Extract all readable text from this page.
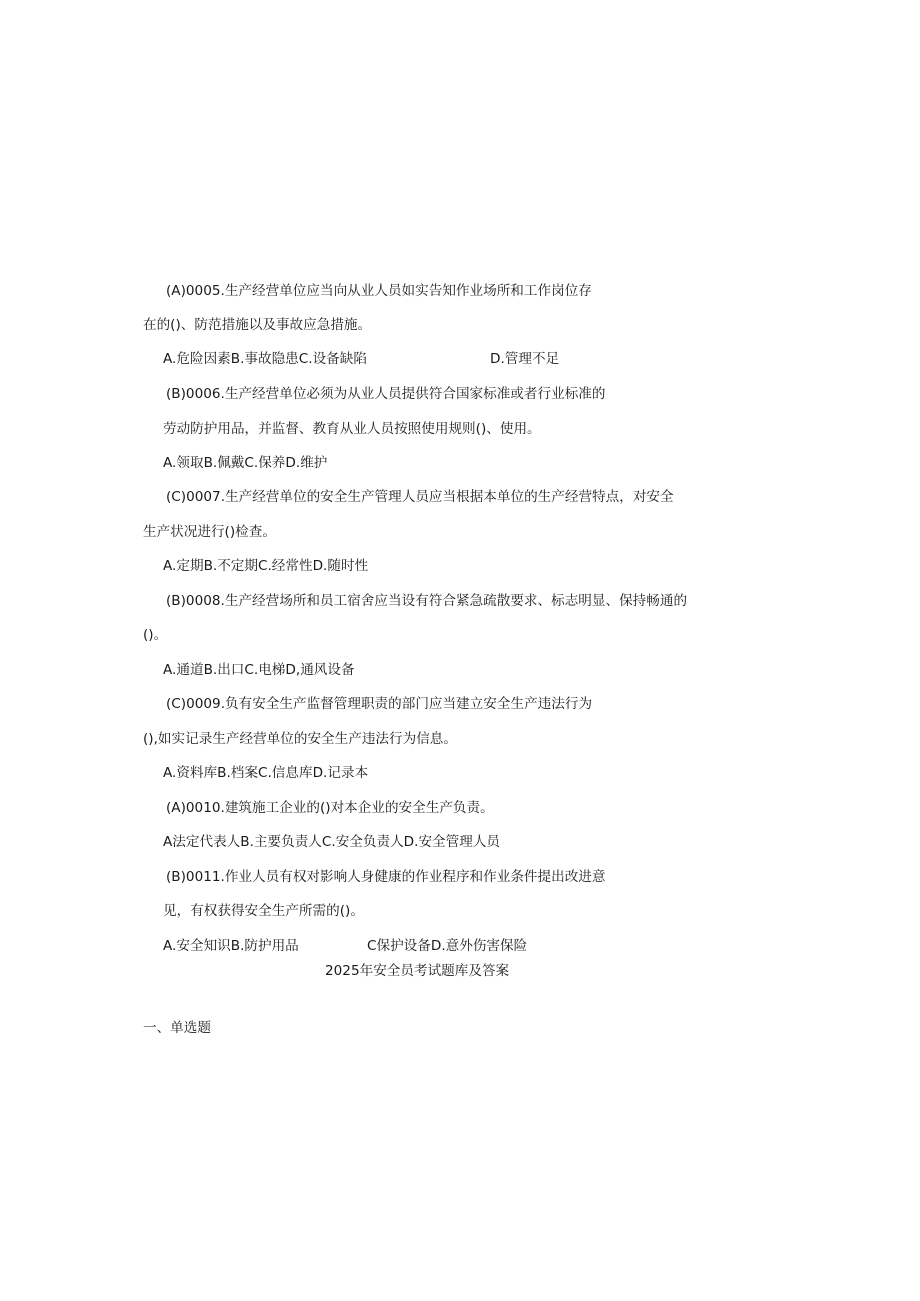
(A)0005.生产经营单位应当向从业人员如实告知作业场所和工作岗位存
在的()、防范措施以及事故应急措施。
A.危险因素B.事故隐患C.设备缺陷	D.管理不足
(B)0006.生产经营单位必须为从业人员提供符合国家标准或者行业标准的
劳动防护用品，并监督、教育从业人员按照使用规则()、使用。
A.领取B.佩戴C.保养D.维护
(C)0007.生产经营单位的安全生产管理人员应当根据本单位的生产经营特点，对安全
生产状况进行()检查。
A.定期B.不定期C.经常性D.随时性
(B)0008.生产经营场所和员工宿舍应当设有符合紧急疏散要求、标志明显、保持畅通的
()。
A.通道B.出口C.电梯D,通风设备
(C)0009.负有安全生产监督管理职责的部门应当建立安全生产违法行为
(),如实记录生产经营单位的安全生产违法行为信息。
A.资料库B.档案C.信息库D.记录本
(A)0010.建筑施工企业的()对本企业的安全生产负责。
A法定代表人B.主要负责人C.安全负责人D.安全管理人员
(B)0011.作业人员有权对影响人身健康的作业程序和作业条件提出改进意
见，有权获得安全生产所需的()。
A.安全知识B.防护用品	C保护设备D.意外伤害保险
2025年安全员考试题库及答案
一、单选题
